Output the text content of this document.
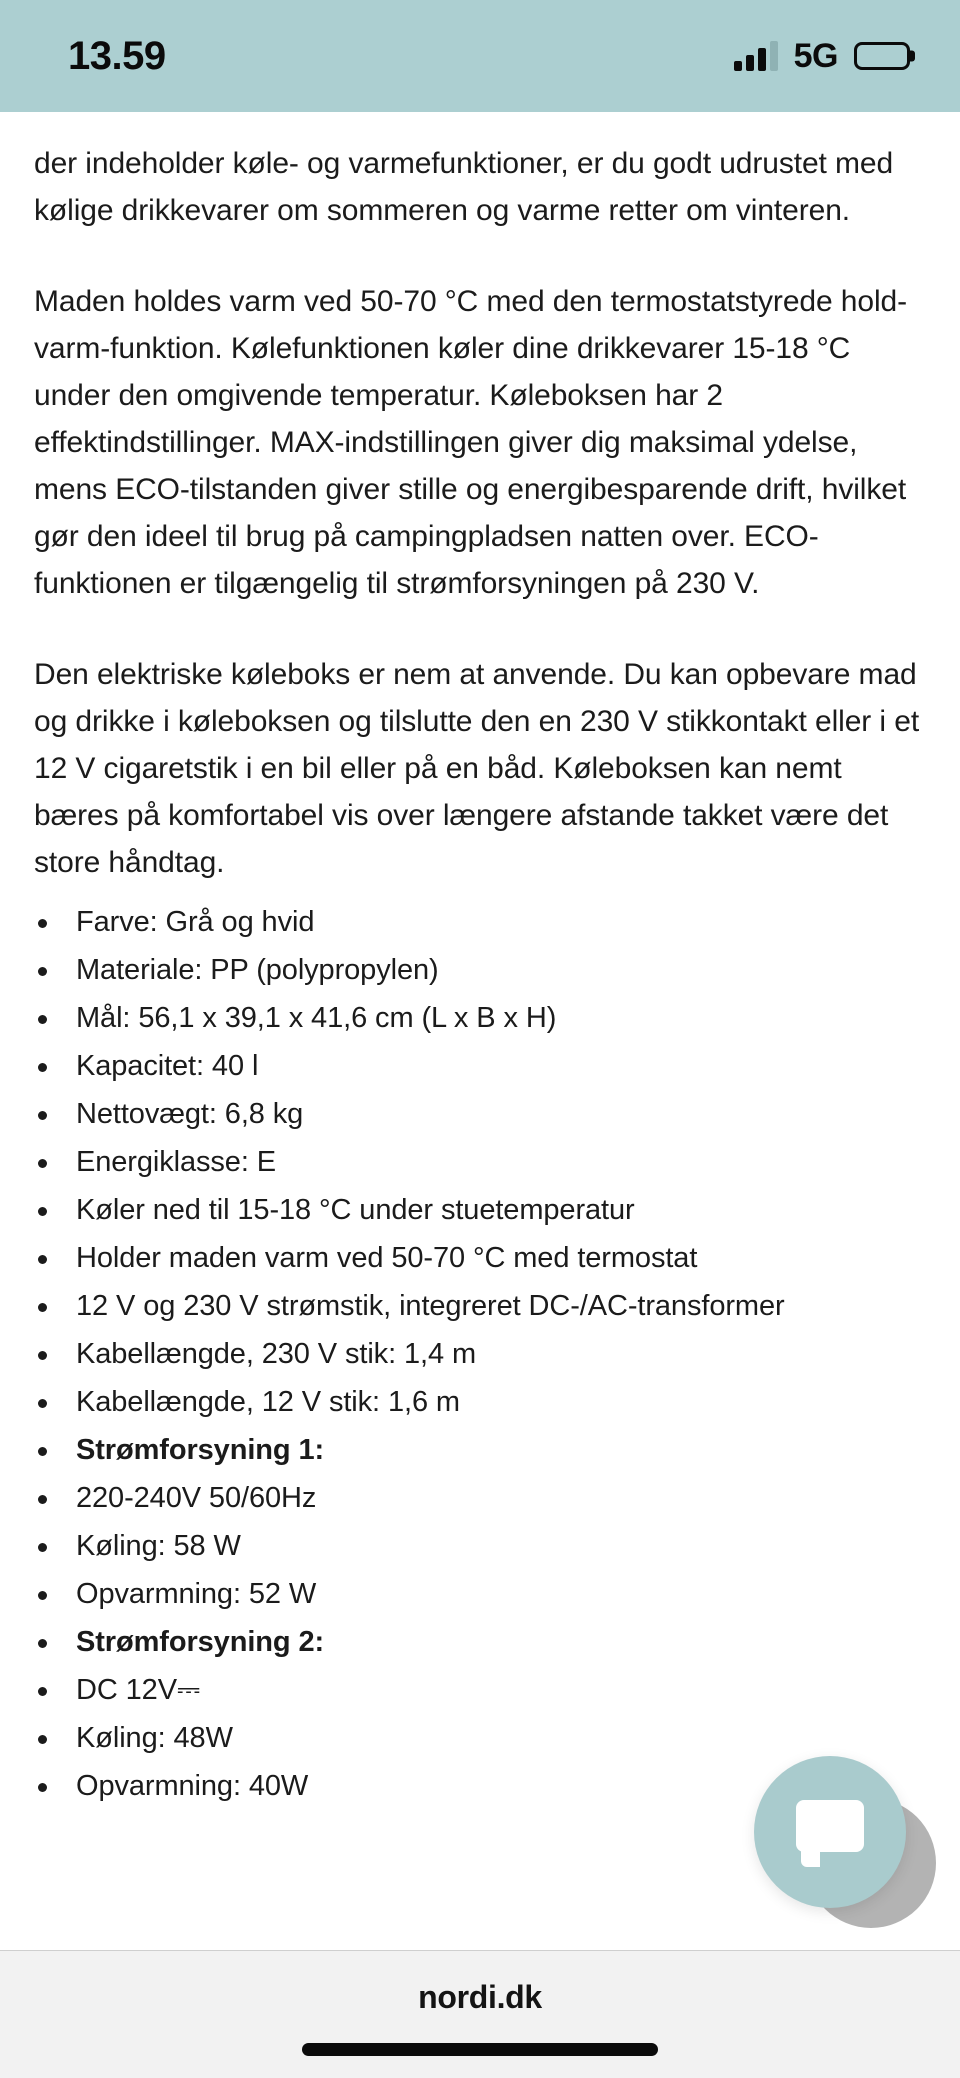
13.59	5G

der indeholder køle- og varmefunktioner, er du godt udrustet med kølige drikkevarer om sommeren og varme retter om vinteren.

Maden holdes varm ved 50-70 °C med den termostatstyrede hold-varm-funktion. Kølefunktionen køler dine drikkevarer 15-18 °C under den omgivende temperatur. Køleboksen har 2 effektindstillinger. MAX-indstillingen giver dig maksimal ydelse, mens ECO-tilstanden giver stille og energibesparende drift, hvilket gør den ideel til brug på campingpladsen natten over. ECO-funktionen er tilgængelig til strømforsyningen på 230 V.

Den elektriske køleboks er nem at anvende. Du kan opbevare mad og drikke i køleboksen og tilslutte den en 230 V stikkontakt eller i et 12 V cigaretstik i en bil eller på en båd. Køleboksen kan nemt bæres på komfortabel vis over længere afstande takket være det store håndtag.

Farve: Grå og hvid
Materiale: PP (polypropylen)
Mål: 56,1 x 39,1 x 41,6 cm (L x B x H)
Kapacitet: 40 l
Nettovægt: 6,8 kg
Energiklasse: E
Køler ned til 15-18 °C under stuetemperatur
Holder maden varm ved 50-70 °C med termostat
12 V og 230 V strømstik, integreret DC-/AC-transformer
Kabellængde, 230 V stik: 1,4 m
Kabellængde, 12 V stik: 1,6 m
Strømforsyning 1:
220-240V 50/60Hz
Køling: 58 W
Opvarmning: 52 W
Strømforsyning 2:
DC 12V⎓
Køling: 48W
Opvarmning: 40W
nordi.dk
